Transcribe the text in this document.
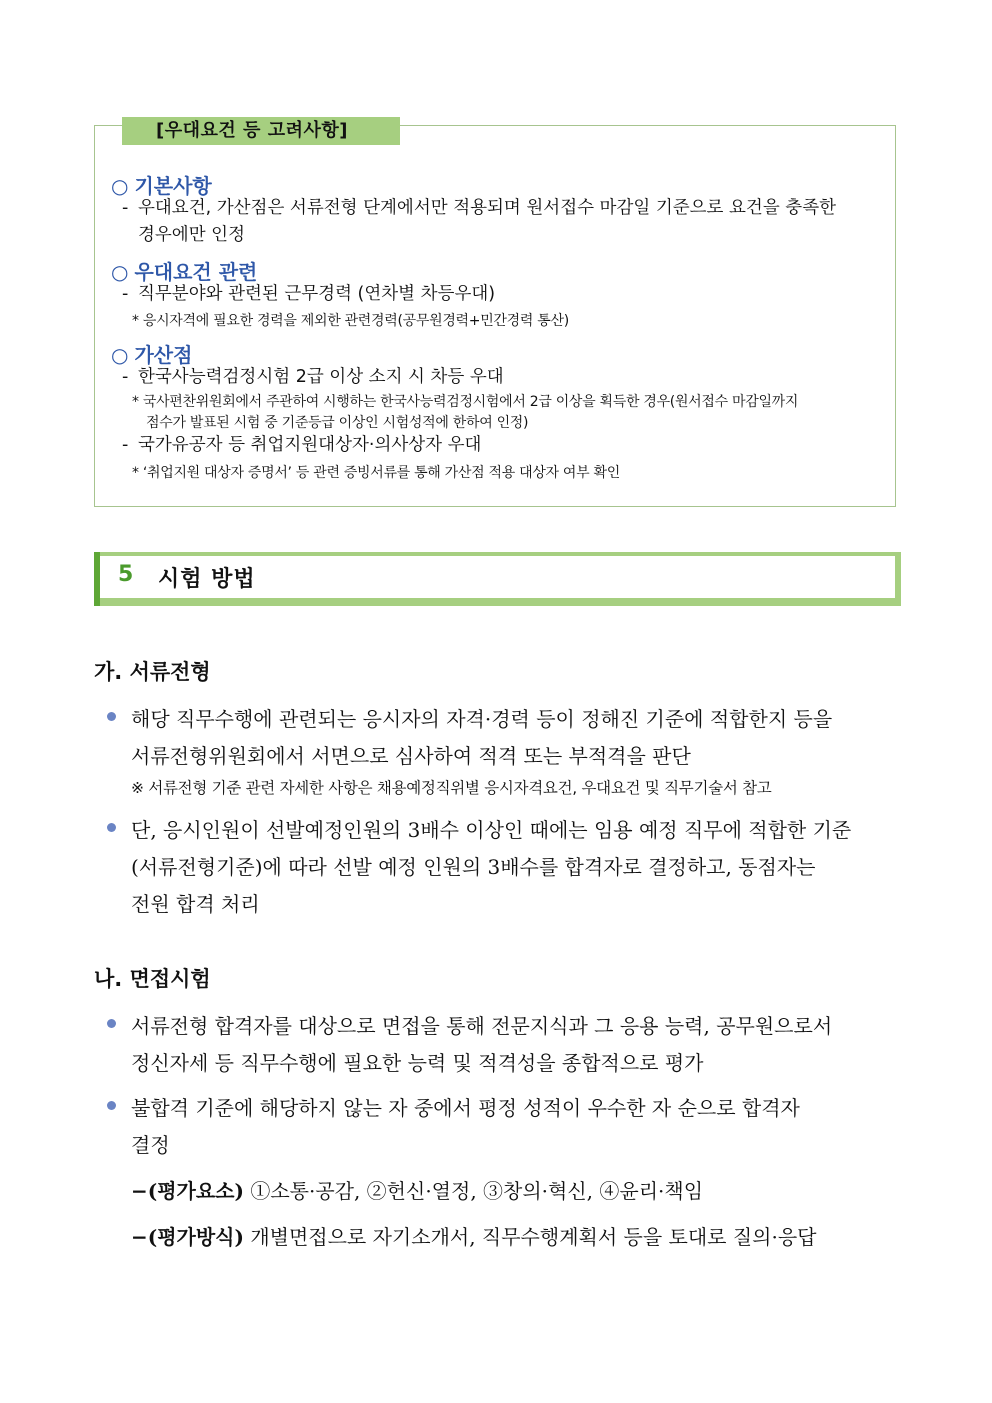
[우대요건 등 고려사항]
○ 기본사항
- 우대요건, 가산점은 서류전형 단계에서만 적용되며 원서접수 마감일 기준으로 요건을 충족한
경우에만 인정
○ 우대요건 관련
- 직무분야와 관련된 근무경력 (연차별 차등우대)
* 응시자격에 필요한 경력을 제외한 관련경력(공무원경력+민간경력 통산)
○ 가산점
- 한국사능력검정시험 2급 이상 소지 시 차등 우대
* 국사편찬위원회에서 주관하여 시행하는 한국사능력검정시험에서 2급 이상을 획득한 경우(원서접수 마감일까지
점수가 발표된 시험 중 기준등급 이상인 시험성적에 한하여 인정)
- 국가유공자 등 취업지원대상자·의사상자 우대
* ‘취업지원 대상자 증명서’ 등 관련 증빙서류를 통해 가산점 적용 대상자 여부 확인
5 시험 방법
가. 서류전형
해당 직무수행에 관련되는 응시자의 자격·경력 등이 정해진 기준에 적합한지 등을
서류전형위원회에서 서면으로 심사하여 적격 또는 부적격을 판단
※ 서류전형 기준 관련 자세한 사항은 채용예정직위별 응시자격요건, 우대요건 및 직무기술서 참고
단, 응시인원이 선발예정인원의 3배수 이상인 때에는 임용 예정 직무에 적합한 기준
(서류전형기준)에 따라 선발 예정 인원의 3배수를 합격자로 결정하고, 동점자는
전원 합격 처리
나. 면접시험
서류전형 합격자를 대상으로 면접을 통해 전문지식과 그 응용 능력, 공무원으로서
정신자세 등 직무수행에 필요한 능력 및 적격성을 종합적으로 평가
불합격 기준에 해당하지 않는 자 중에서 평정 성적이 우수한 자 순으로 합격자
결정
−(평가요소) ①소통·공감, ②헌신·열정, ③창의·혁신, ④윤리·책임
−(평가방식) 개별면접으로 자기소개서, 직무수행계획서 등을 토대로 질의·응답
